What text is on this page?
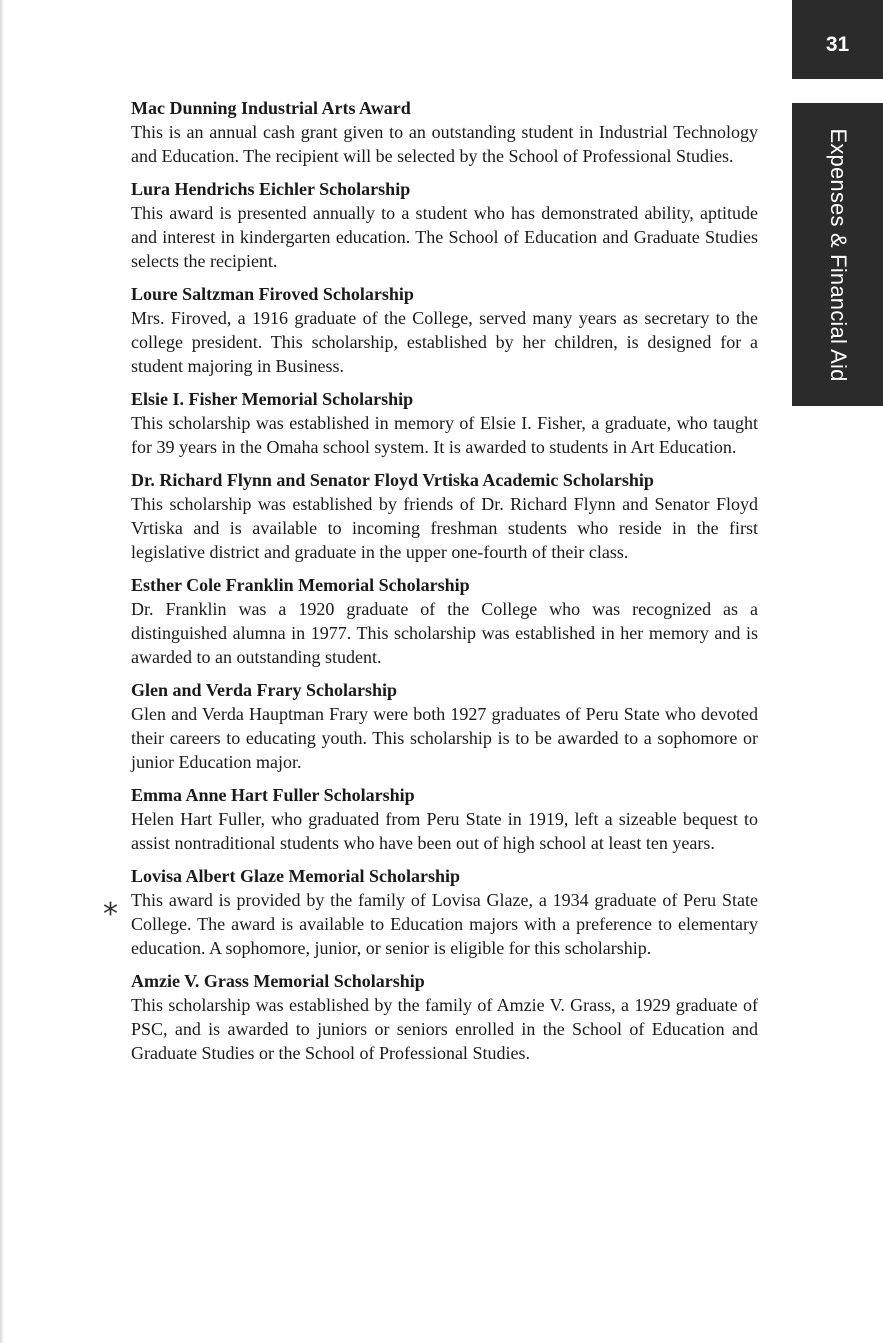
31
Expenses & Financial Aid
*
Mac Dunning Industrial Arts Award
This is an annual cash grant given to an outstanding student in Industrial Technology and Education. The recipient will be selected by the School of Professional Studies.
Lura Hendrichs Eichler Scholarship
This award is presented annually to a student who has demonstrated ability, aptitude and interest in kindergarten education. The School of Education and Graduate Studies selects the recipient.
Loure Saltzman Firoved Scholarship
Mrs. Firoved, a 1916 graduate of the College, served many years as secretary to the college president. This scholarship, established by her children, is designed for a student majoring in Business.
Elsie I. Fisher Memorial Scholarship
This scholarship was established in memory of Elsie I. Fisher, a graduate, who taught for 39 years in the Omaha school system. It is awarded to students in Art Education.
Dr. Richard Flynn and Senator Floyd Vrtiska Academic Scholarship
This scholarship was established by friends of Dr. Richard Flynn and Senator Floyd Vrtiska and is available to incoming freshman students who reside in the first legislative district and graduate in the upper one-fourth of their class.
Esther Cole Franklin Memorial Scholarship
Dr. Franklin was a 1920 graduate of the College who was recognized as a distinguished alumna in 1977. This scholarship was established in her memory and is awarded to an outstanding student.
Glen and Verda Frary Scholarship
Glen and Verda Hauptman Frary were both 1927 graduates of Peru State who devoted their careers to educating youth. This scholarship is to be awarded to a sophomore or junior Education major.
Emma Anne Hart Fuller Scholarship
Helen Hart Fuller, who graduated from Peru State in 1919, left a sizeable bequest to assist nontraditional students who have been out of high school at least ten years.
Lovisa Albert Glaze Memorial Scholarship
This award is provided by the family of Lovisa Glaze, a 1934 graduate of Peru State College. The award is available to Education majors with a preference to elementary education. A sophomore, junior, or senior is eligible for this scholarship.
Amzie V. Grass Memorial Scholarship
This scholarship was established by the family of Amzie V. Grass, a 1929 graduate of PSC, and is awarded to juniors or seniors enrolled in the School of Education and Graduate Studies or the School of Professional Studies.
